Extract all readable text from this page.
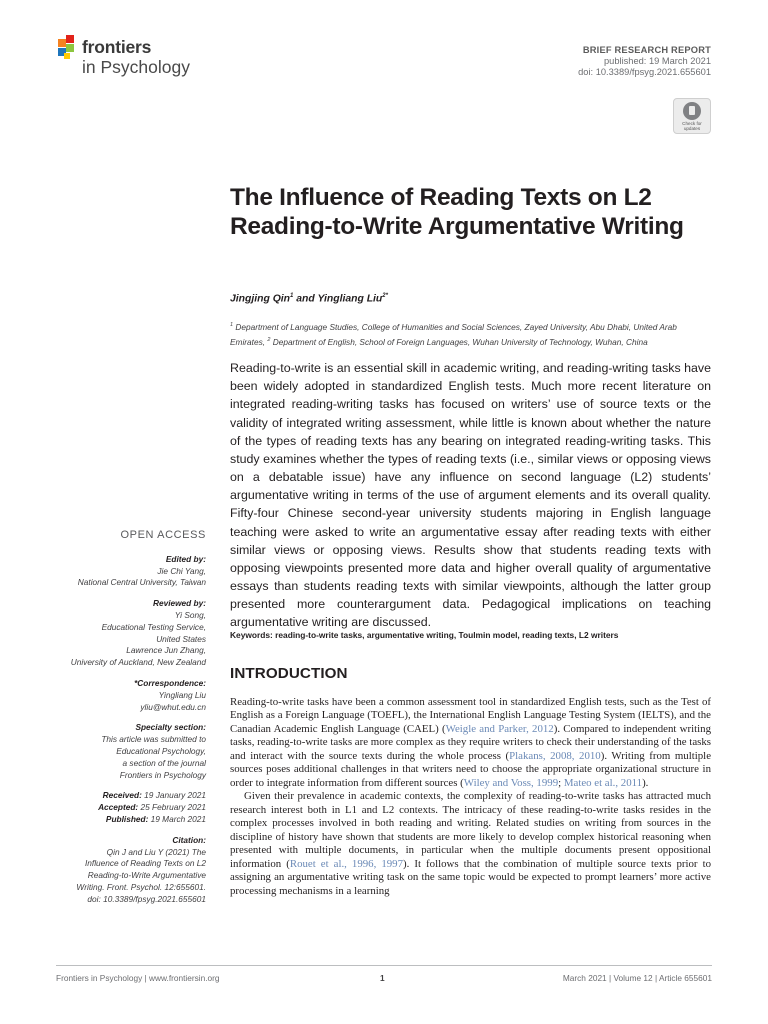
frontiers
in Psychology
BRIEF RESEARCH REPORT
published: 19 March 2021
doi: 10.3389/fpsyg.2021.655601
Check for
updates
The Influence of Reading Texts on L2 Reading-to-Write Argumentative Writing
Jingjing Qin$^1$ and Yingliang Liu$^{2*}$
$^1$ Department of Language Studies, College of Humanities and Social Sciences, Zayed University, Abu Dhabi, United Arab Emirates, $^2$ Department of English, School of Foreign Languages, Wuhan University of Technology, Wuhan, China

Reading-to-write is an essential skill in academic writing, and reading-writing tasks have been widely adopted in standardized English tests. Much more recent literature on integrated reading-writing tasks has focused on writers’ use of source texts or the validity of integrated writing assessment, while little is known about whether the nature of the types of reading texts has any bearing on integrated reading-writing tasks. This study examines whether the types of reading texts (i.e., similar views or opposing views on a debatable issue) have any influence on second language (L2) students’ argumentative writing in terms of the use of argument elements and its overall quality. Fifty-four Chinese second-year university students majoring in English language teaching were asked to write an argumentative essay after reading texts with either similar views or opposing views. Results show that students reading texts with opposing viewpoints presented more data and higher overall quality of argumentative essays than students reading texts with similar viewpoints, although the latter group presented more counterargument data. Pedagogical implications on teaching argumentative writing are discussed.

Keywords: reading-to-write tasks, argumentative writing, Toulmin model, reading texts, L2 writers
OPEN ACCESS
Edited by:
Jie Chi Yang,
National Central University, Taiwan
Reviewed by:
Yi Song,
Educational Testing Service,
United States
Lawrence Jun Zhang,
University of Auckland, New Zealand
*Correspondence:
Yingliang Liu
yliu@whut.edu.cn
Specialty section:
This article was submitted to
Educational Psychology,
a section of the journal
Frontiers in Psychology
Received: 19 January 2021
Accepted: 25 February 2021
Published: 19 March 2021
Citation:
Qin J and Liu Y (2021) The
Influence of Reading Texts on L2
Reading-to-Write Argumentative
Writing. Front. Psychol. 12:655601.
doi: 10.3389/fpsyg.2021.655601
INTRODUCTION

Reading-to-write tasks have been a common assessment tool in standardized English tests, such as the Test of English as a Foreign Language (TOEFL), the International English Language Testing System (IELTS), and the Canadian Academic English Language (CAEL) (Weigle and Parker, 2012). Compared to independent writing tasks, reading-to-write tasks are more complex as they require writers to check their understanding of the tasks and interact with the source texts during the whole process (Plakans, 2008, 2010). Writing from multiple sources poses additional challenges in that writers need to choose the appropriate organizational structure in order to integrate information from different sources (Wiley and Voss, 1999; Mateo et al., 2011).

Given their prevalence in academic contexts, the complexity of reading-to-write tasks has attracted much research interest both in L1 and L2 contexts. The intricacy of these reading-to-write tasks resides in the complex processes involved in both reading and writing. Related studies on writing from sources in the discipline of history have shown that students are more likely to develop complex historical reasoning when presented with multiple documents, in particular when the multiple documents present oppositional information (Rouet et al., 1996, 1997). It follows that the combination of multiple source texts prior to assigning an argumentative writing task on the same topic would be expected to prompt learners’ more active processing mechanisms in a learning

Frontiers in Psychology | www.frontiersin.org	1	March 2021 | Volume 12 | Article 655601
